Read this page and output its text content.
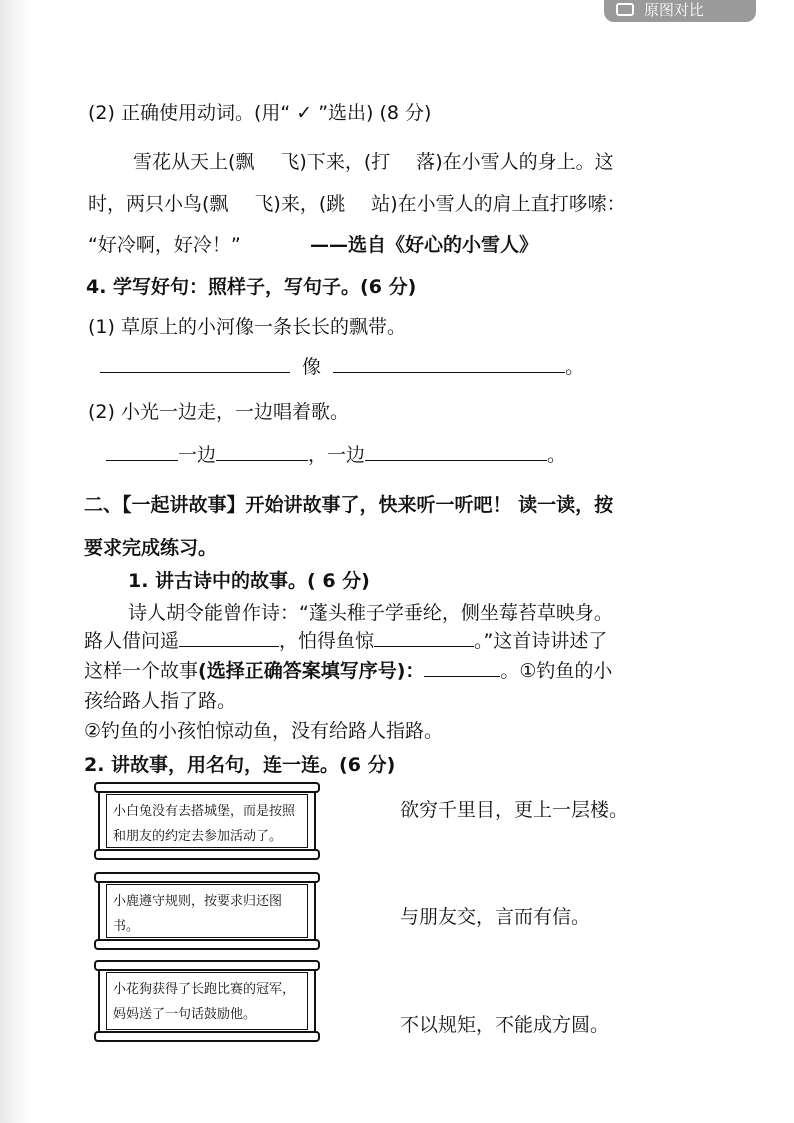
原图对比
(2) 正确使用动词。(用“ ✓ ”选出) (8 分)
雪花从天上(飘 飞)下来，(打 落)在小雪人的身上。这
时，两只小鸟(飘 飞)来，(跳 站)在小雪人的肩上直打哆嗦：
“好冷啊，好冷！”	——选自《好心的小雪人》
4. 学写好句：照样子，写句子。(6 分)
(1) 草原上的小河像一条长长的飘带。
像	。
(2) 小光一边走，一边唱着歌。
一边	，一边	。
二、【一起讲故事】开始讲故事了，快来听一听吧！ 读一读，按
要求完成练习。
1. 讲古诗中的故事。( 6 分)
诗人胡令能曾作诗：“蓬头稚子学垂纶，侧坐莓苔草映身。
路人借问遥	，怕得鱼惊	。”这首诗讲述了
这样一个故事(选择正确答案填写序号)：	。①钓鱼的小
孩给路人指了路。
②钓鱼的小孩怕惊动鱼，没有给路人指路。
2. 讲故事，用名句，连一连。(6 分)
小白兔没有去搭城堡，而是按照和朋友的约定去参加活动了。
小鹿遵守规则，按要求归还图书。
小花狗获得了长跑比赛的冠军，妈妈送了一句话鼓励他。
欲穷千里目，更上一层楼。
与朋友交，言而有信。
不以规矩，不能成方圆。
